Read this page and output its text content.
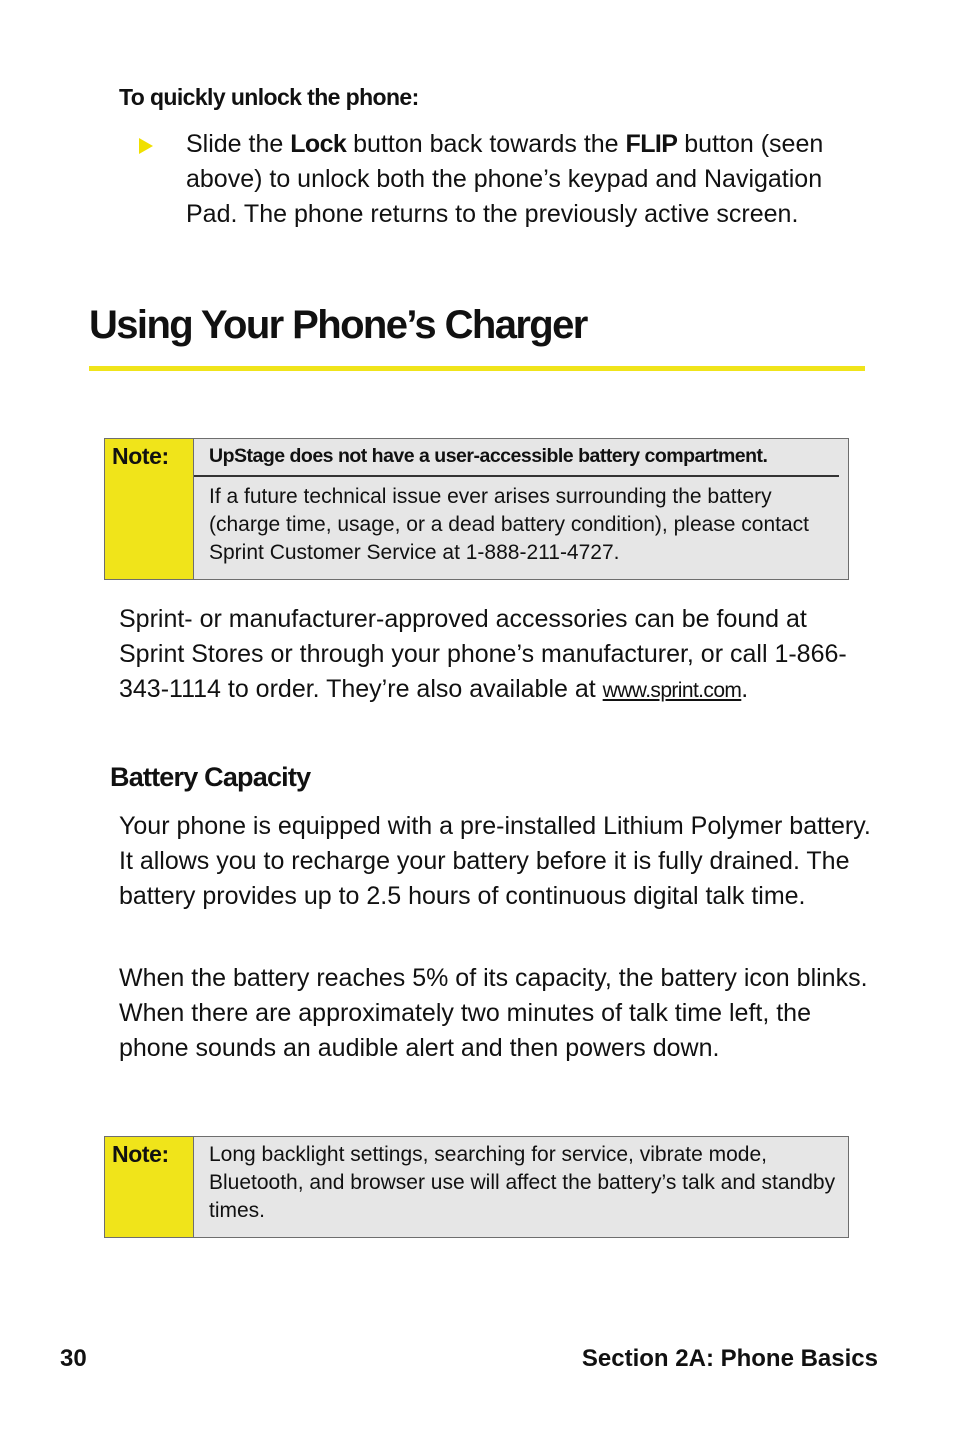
To quickly unlock the phone:
Slide the Lock button back towards the FLIP button (seen above) to unlock both the phone’s keypad and Navigation Pad. The phone returns to the previously active screen.
Using Your Phone’s Charger
Note: UpStage does not have a user-accessible battery compartment.
If a future technical issue ever arises surrounding the battery (charge time, usage, or a dead battery condition), please contact Sprint Customer Service at 1-888-211-4727.
Sprint- or manufacturer-approved accessories can be found at Sprint Stores or through your phone’s manufacturer, or call 1-866-343-1114 to order. They’re also available at www.sprint.com.
Battery Capacity
Your phone is equipped with a pre-installed Lithium Polymer battery. It allows you to recharge your battery before it is fully drained. The battery provides up to 2.5 hours of continuous digital talk time.
When the battery reaches 5% of its capacity, the battery icon blinks. When there are approximately two minutes of talk time left, the phone sounds an audible alert and then powers down.
Note: Long backlight settings, searching for service, vibrate mode, Bluetooth, and browser use will affect the battery’s talk and standby times.
30	Section 2A: Phone Basics
